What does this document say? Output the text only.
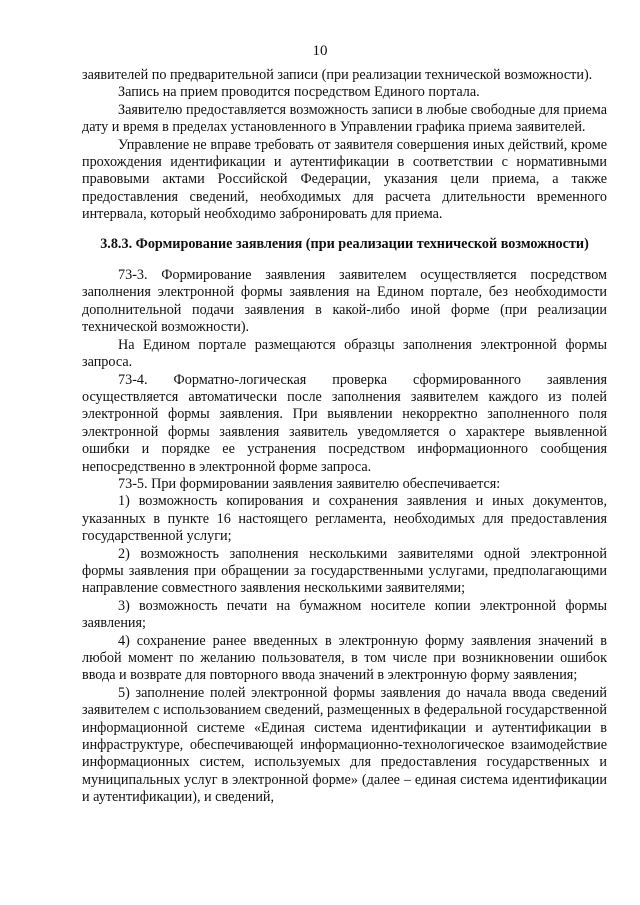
10

заявителей по предварительной записи (при реализации технической возможности).

Запись на прием проводится посредством Единого портала.

Заявителю предоставляется возможность записи в любые свободные для приема дату и время в пределах установленного в Управлении графика приема заявителей.

Управление не вправе требовать от заявителя совершения иных действий, кроме прохождения идентификации и аутентификации в соответствии с нормативными правовыми актами Российской Федерации, указания цели приема, а также предоставления сведений, необходимых для расчета длительности временного интервала, который необходимо забронировать для приема.

3.8.3. Формирование заявления (при реализации технической возможности)

73-3. Формирование заявления заявителем осуществляется посредством заполнения электронной формы заявления на Едином портале, без необходимости дополнительной подачи заявления в какой-либо иной форме (при реализации технической возможности).

На Едином портале размещаются образцы заполнения электронной формы запроса.

73-4. Форматно-логическая проверка сформированного заявления осуществляется автоматически после заполнения заявителем каждого из полей электронной формы заявления. При выявлении некорректно заполненного поля электронной формы заявления заявитель уведомляется о характере выявленной ошибки и порядке ее устранения посредством информационного сообщения непосредственно в электронной форме запроса.

73-5. При формировании заявления заявителю обеспечивается:

1) возможность копирования и сохранения заявления и иных документов, указанных в пункте 16 настоящего регламента, необходимых для предоставления государственной услуги;

2) возможность заполнения несколькими заявителями одной электронной формы заявления при обращении за государственными услугами, предполагающими направление совместного заявления несколькими заявителями;

3) возможность печати на бумажном носителе копии электронной формы заявления;

4) сохранение ранее введенных в электронную форму заявления значений в любой момент по желанию пользователя, в том числе при возникновении ошибок ввода и возврате для повторного ввода значений в электронную форму заявления;

5) заполнение полей электронной формы заявления до начала ввода сведений заявителем с использованием сведений, размещенных в федеральной государственной информационной системе «Единая система идентификации и аутентификации в инфраструктуре, обеспечивающей информационно-технологическое взаимодействие информационных систем, используемых для предоставления государственных и муниципальных услуг в электронной форме» (далее – единая система идентификации и аутентификации), и сведений,
